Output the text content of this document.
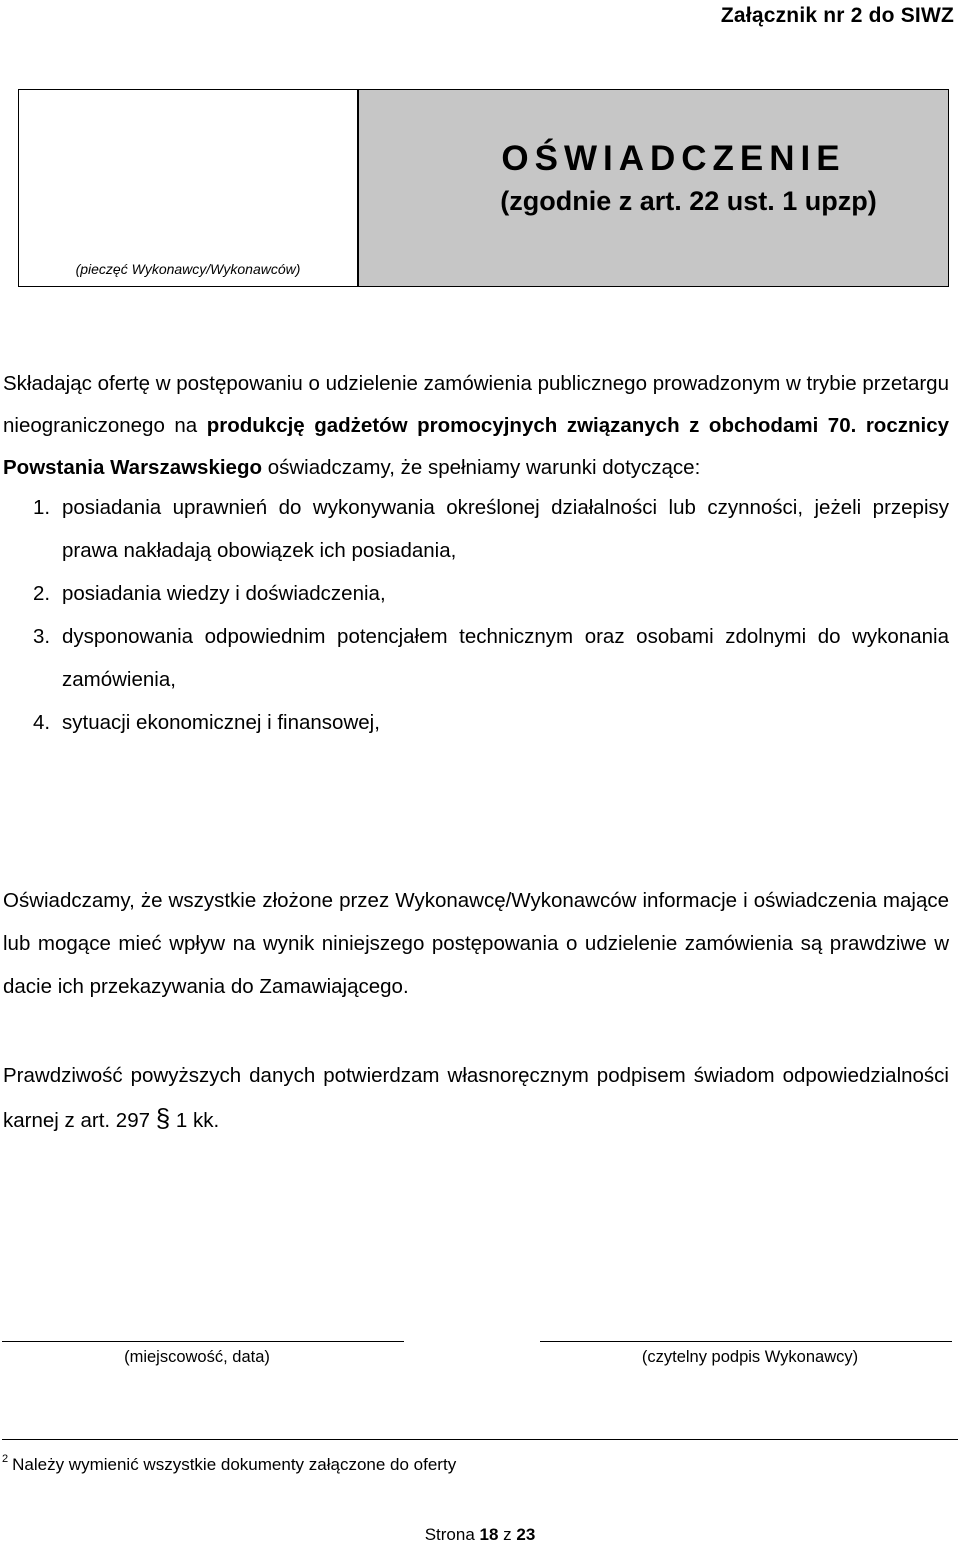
Załącznik nr 2 do SIWZ
(pieczęć Wykonawcy/Wykonawców)
OŚWIADCZENIE
(zgodnie z art. 22 ust. 1 upzp)
Składając ofertę w postępowaniu o udzielenie zamówienia publicznego prowadzonym w trybie przetargu nieograniczonego na produkcję gadżetów promocyjnych związanych z obchodami 70. rocznicy Powstania Warszawskiego oświadczamy, że spełniamy warunki dotyczące:
1. posiadania uprawnień do wykonywania określonej działalności lub czynności, jeżeli przepisy prawa nakładają obowiązek ich posiadania,
2. posiadania wiedzy i doświadczenia,
3. dysponowania odpowiednim potencjałem technicznym oraz osobami zdolnymi do wykonania zamówienia,
4. sytuacji ekonomicznej i finansowej,
Oświadczamy, że wszystkie złożone przez Wykonawcę/Wykonawców informacje i oświadczenia mające lub mogące mieć wpływ na wynik niniejszego postępowania o udzielenie zamówienia są prawdziwe w dacie ich przekazywania do Zamawiającego.
Prawdziwość powyższych danych potwierdzam własnoręcznym podpisem świadom odpowiedzialności karnej z art. 297 § 1 kk.
(miejscowość, data)	(czytelny podpis Wykonawcy)
$^2$ Należy wymienić wszystkie dokumenty załączone do oferty
Strona 18 z 23
